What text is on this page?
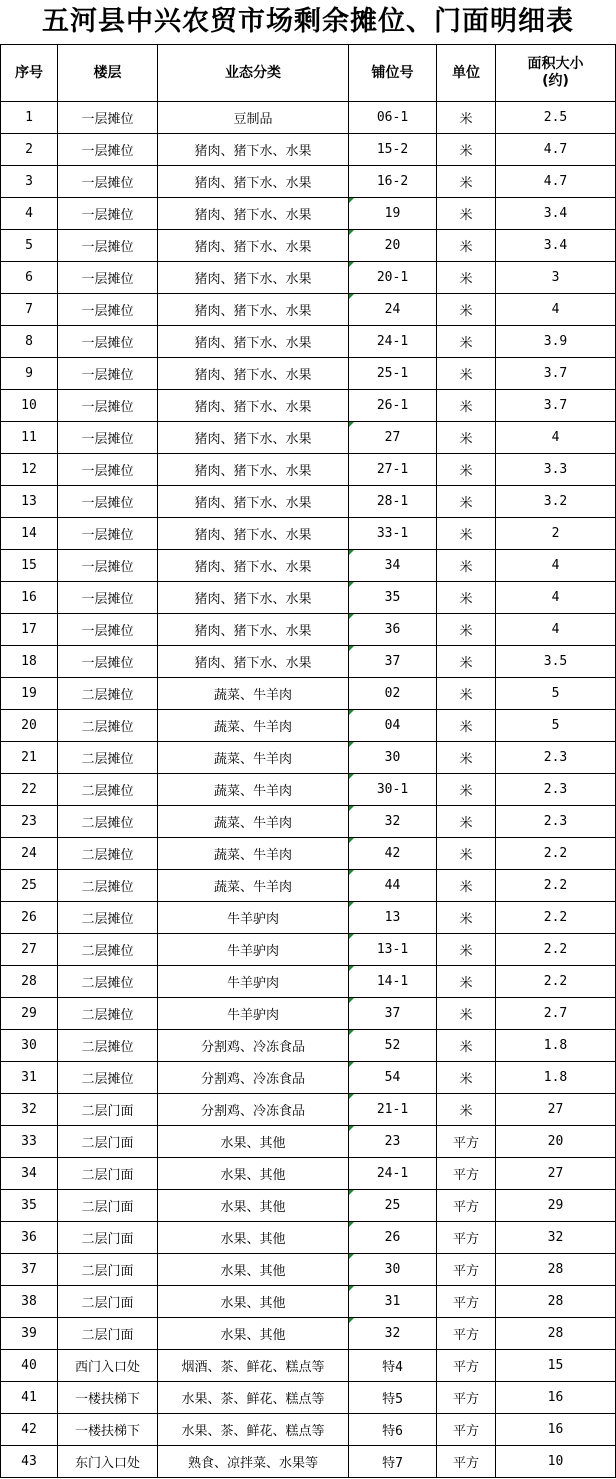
五河县中兴农贸市场剩余摊位、门面明细表
序号	楼层	业态分类	铺位号	单位	面积大小
(约)
1	一层摊位	豆制品	06-1	米	2.5
2	一层摊位	猪肉、猪下水、水果	15-2	米	4.7
3	一层摊位	猪肉、猪下水、水果	16-2	米	4.7
4	一层摊位	猪肉、猪下水、水果	19	米	3.4
5	一层摊位	猪肉、猪下水、水果	20	米	3.4
6	一层摊位	猪肉、猪下水、水果	20-1	米	3
7	一层摊位	猪肉、猪下水、水果	24	米	4
8	一层摊位	猪肉、猪下水、水果	24-1	米	3.9
9	一层摊位	猪肉、猪下水、水果	25-1	米	3.7
10	一层摊位	猪肉、猪下水、水果	26-1	米	3.7
11	一层摊位	猪肉、猪下水、水果	27	米	4
12	一层摊位	猪肉、猪下水、水果	27-1	米	3.3
13	一层摊位	猪肉、猪下水、水果	28-1	米	3.2
14	一层摊位	猪肉、猪下水、水果	33-1	米	2
15	一层摊位	猪肉、猪下水、水果	34	米	4
16	一层摊位	猪肉、猪下水、水果	35	米	4
17	一层摊位	猪肉、猪下水、水果	36	米	4
18	一层摊位	猪肉、猪下水、水果	37	米	3.5
19	二层摊位	蔬菜、牛羊肉	02	米	5
20	二层摊位	蔬菜、牛羊肉	04	米	5
21	二层摊位	蔬菜、牛羊肉	30	米	2.3
22	二层摊位	蔬菜、牛羊肉	30-1	米	2.3
23	二层摊位	蔬菜、牛羊肉	32	米	2.3
24	二层摊位	蔬菜、牛羊肉	42	米	2.2
25	二层摊位	蔬菜、牛羊肉	44	米	2.2
26	二层摊位	牛羊驴肉	13	米	2.2
27	二层摊位	牛羊驴肉	13-1	米	2.2
28	二层摊位	牛羊驴肉	14-1	米	2.2
29	二层摊位	牛羊驴肉	37	米	2.7
30	二层摊位	分割鸡、冷冻食品	52	米	1.8
31	二层摊位	分割鸡、冷冻食品	54	米	1.8
32	二层门面	分割鸡、冷冻食品	21-1	米	27
33	二层门面	水果、其他	23	平方	20
34	二层门面	水果、其他	24-1	平方	27
35	二层门面	水果、其他	25	平方	29
36	二层门面	水果、其他	26	平方	32
37	二层门面	水果、其他	30	平方	28
38	二层门面	水果、其他	31	平方	28
39	二层门面	水果、其他	32	平方	28
40	西门入口处	烟酒、茶、鲜花、糕点等	特4	平方	15
41	一楼扶梯下	水果、茶、鲜花、糕点等	特5	平方	16
42	一楼扶梯下	水果、茶、鲜花、糕点等	特6	平方	16
43	东门入口处	熟食、凉拌菜、水果等	特7	平方	10
